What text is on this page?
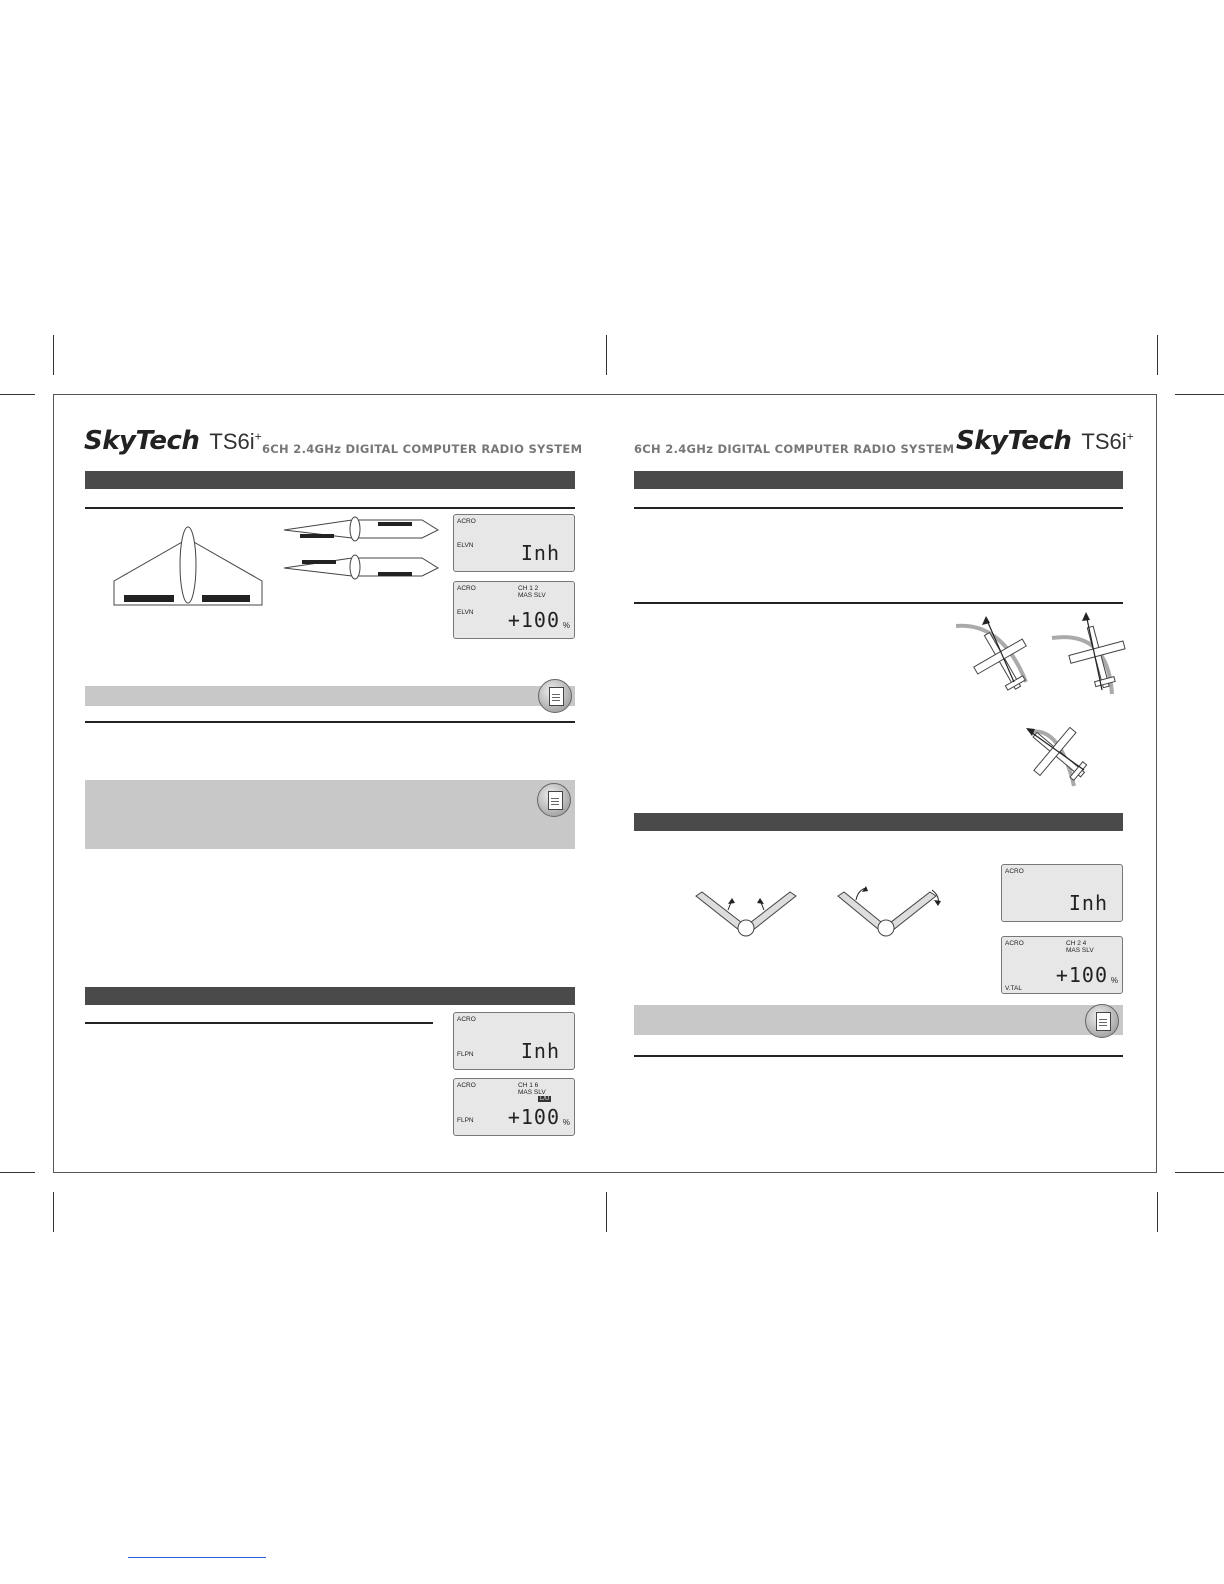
SkyTech TS6i+
6CH 2.4GHz DIGITAL COMPUTER RADIO SYSTEM	6CH 2.4GHz DIGITAL COMPUTER RADIO SYSTEM SkyTech TS6i+
ACRO
ELVN Inh
ACRO	CH 1 2
MAS SLV
ELVN +100 %
ACRO
FLPN Inh
ACRO	CH 1 6
MAS SLV
L/U
FLPN +100 %
ACRO
Inh
ACRO	CH 2 4
MAS SLV
V.TAL
+100 %
